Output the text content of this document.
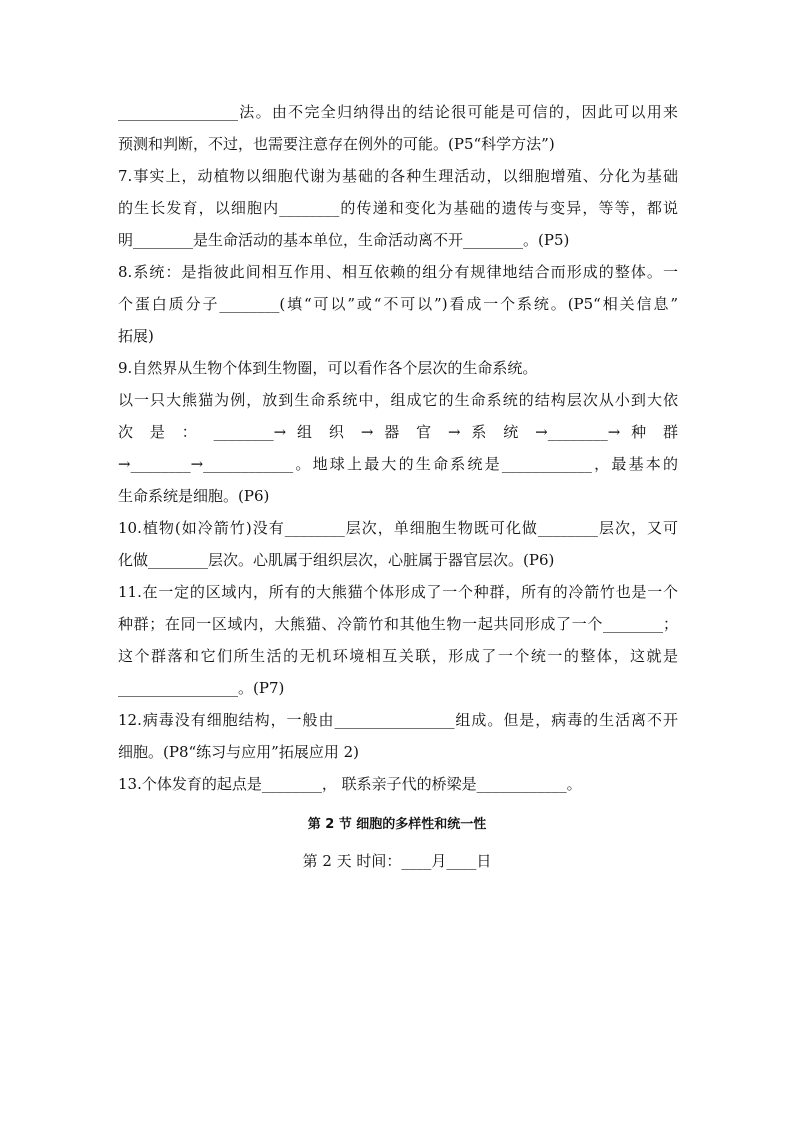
________________法。由不完全归纳得出的结论很可能是可信的，因此可以用来
预测和判断，不过，也需要注意存在例外的可能。(P5“科学方法”)
7.事实上，动植物以细胞代谢为基础的各种生理活动，以细胞增殖、分化为基础
的生长发育，以细胞内________的传递和变化为基础的遗传与变异，等等，都说
明________是生命活动的基本单位，生命活动离不开________。(P5)
8.系统：是指彼此间相互作用、相互依赖的组分有规律地结合而形成的整体。一
个蛋白质分子________(填“可以”或“不可以”)看成一个系统。(P5“相关信息”
拓展)
9.自然界从生物个体到生物圈，可以看作各个层次的生命系统。
以一只大熊猫为例，放到生命系统中，组成它的生命系统的结构层次从小到大依
次 是 ： ________→ 组 织 → 器 官 → 系 统 →________→ 种 群
→________→____________。地球上最大的生命系统是____________，最基本的
生命系统是细胞。(P6)
10.植物(如冷箭竹)没有________层次，单细胞生物既可化做________层次，又可
化做________层次。心肌属于组织层次，心脏属于器官层次。(P6)
11.在一定的区域内，所有的大熊猫个体形成了一个种群，所有的冷箭竹也是一个
种群；在同一区域内，大熊猫、冷箭竹和其他生物一起共同形成了一个________；
这个群落和它们所生活的无机环境相互关联，形成了一个统一的整体，这就是
________________。(P7)
12.病毒没有细胞结构，一般由________________组成。但是，病毒的生活离不开
细胞。(P8“练习与应用”拓展应用 2)
13.个体发育的起点是________， 联系亲子代的桥梁是____________。
第 2 节 细胞的多样性和统一性
第 2 天 时间：____月____日
